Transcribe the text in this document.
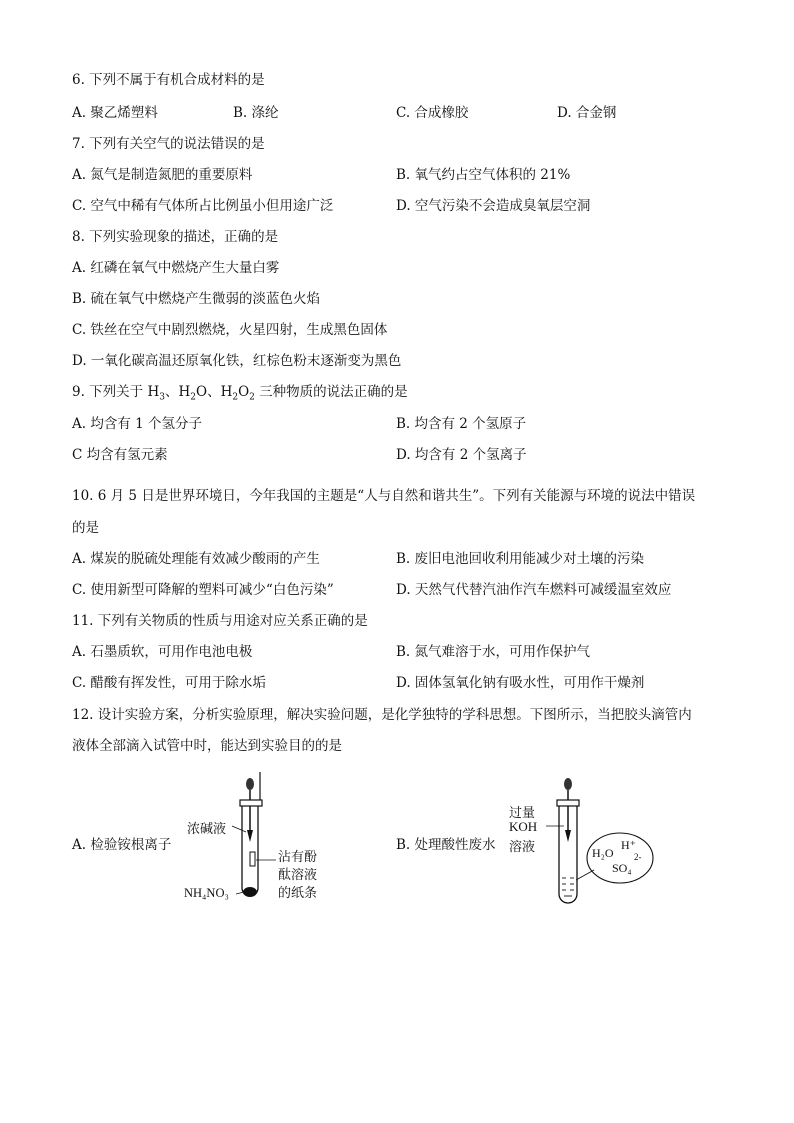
6. 下列不属于有机合成材料的是
A. 聚乙烯塑料	B. 涤纶	C. 合成橡胶	D. 合金钢
7. 下列有关空气的说法错误的是
A. 氮气是制造氮肥的重要原料	B. 氧气约占空气体积的 21%
C. 空气中稀有气体所占比例虽小但用途广泛	D. 空气污染不会造成臭氧层空洞
8. 下列实验现象的描述，正确的是
A. 红磷在氧气中燃烧产生大量白雾
B. 硫在氧气中燃烧产生微弱的淡蓝色火焰
C. 铁丝在空气中剧烈燃烧，火星四射，生成黑色固体
D. 一氧化碳高温还原氧化铁，红棕色粉末逐渐变为黑色
9. 下列关于 $H_3$、$H_2O$、$H_2O_2$ 三种物质的说法正确的是
A. 均含有 1 个氢分子	B. 均含有 2 个氢原子
C 均含有氢元素	D. 均含有 2 个氢离子
10. 6 月 5 日是世界环境日，今年我国的主题是“人与自然和谐共生”。下列有关能源与环境的说法中错误
的是
A. 煤炭的脱硫处理能有效减少酸雨的产生	B. 废旧电池回收利用能减少对土壤的污染
C. 使用新型可降解的塑料可减少“白色污染”	D. 天然气代替汽油作汽车燃料可减缓温室效应
11. 下列有关物质的性质与用途对应关系正确的是
A. 石墨质软，可用作电池电极	B. 氮气难溶于水，可用作保护气
C. 醋酸有挥发性，可用于除水垢	D. 固体氢氧化钠有吸水性，可用作干燥剂
12. 设计实验方案，分析实验原理，解决实验问题，是化学独特的学科思想。下图所示，当把胶头滴管内
液体全部滴入试管中时，能达到实验目的的是
A. 检验铵根离子	B. 处理酸性废水
浓碱液
沾有酚
酞溶液
的纸条
NH₄NO₃
过量
KOH
溶液	H₂O
H⁺
2-
SO₄
